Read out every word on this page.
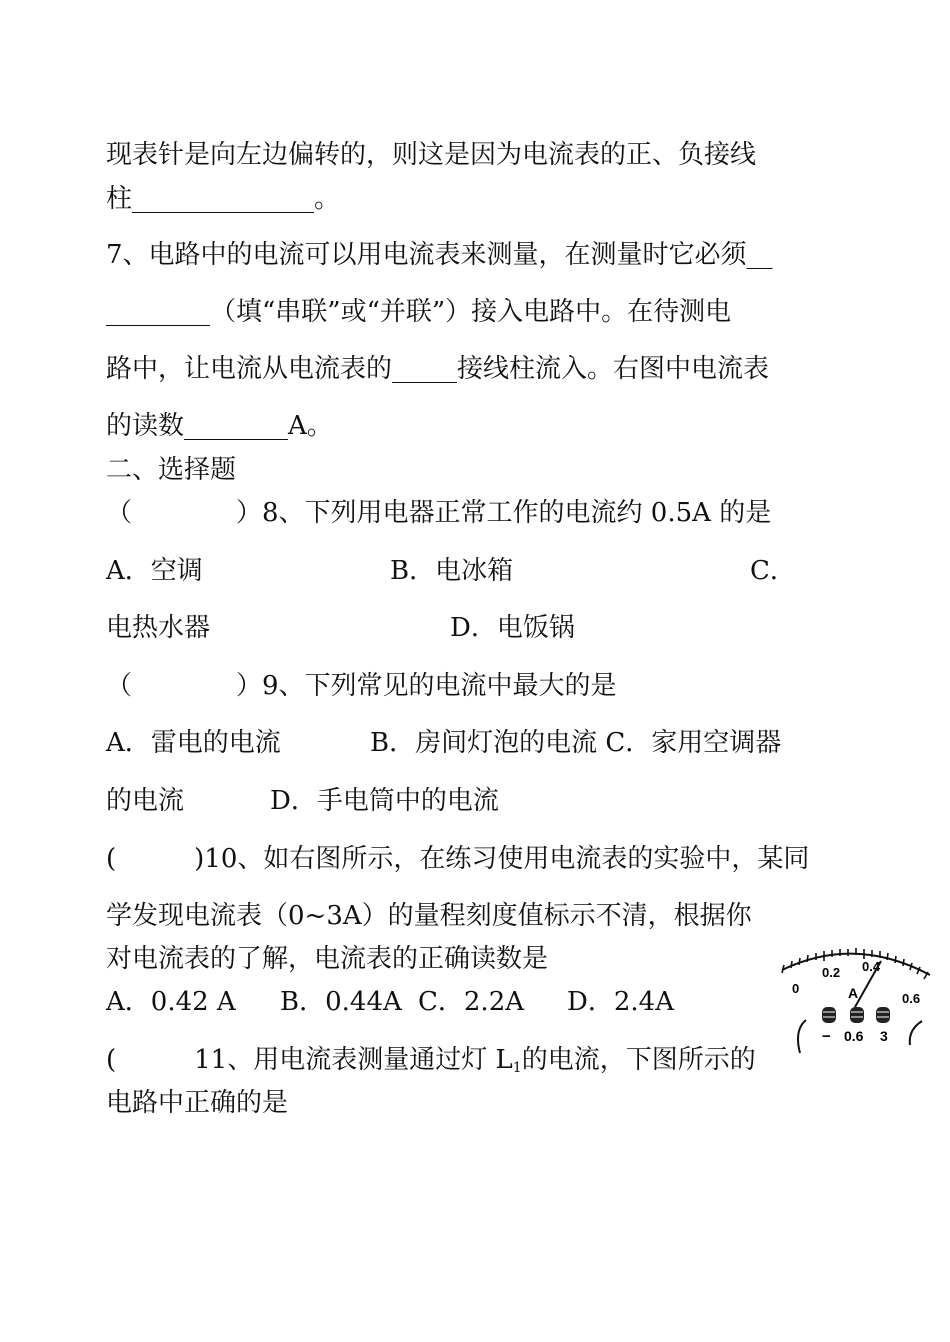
现表针是向左边偏转的，则这是因为电流表的正、负接线
柱______________。
7、电路中的电流可以用电流表来测量，在测量时它必须__
________（填“串联”或“并联”）接入电路中。在待测电
路中，让电流从电流表的_____接线柱流入。右图中电流表
的读数________A。
二、选择题
（　　　　）8、下列用电器正常工作的电流约 0.5A 的是
A．空调	B．电冰箱	C．
电热水器	D．电饭锅
（　　　　）9、下列常见的电流中最大的是
A．雷电的电流	B．房间灯泡的电流 C．家用空调器
的电流	D．手电筒中的电流
(　　　)10、如右图所示，在练习使用电流表的实验中，某同
学发现电流表（0~3A）的量程刻度值标示不清，根据你
对电流表的了解，电流表的正确读数是
A．0.42 A B．0.44A C．2.2A D．2.4A
(　　　11、用电流表测量通过灯 $L_1$的电流，下图所示的
电路中正确的是
0
0.2 0.4
0.6
A
− 0.6 3
